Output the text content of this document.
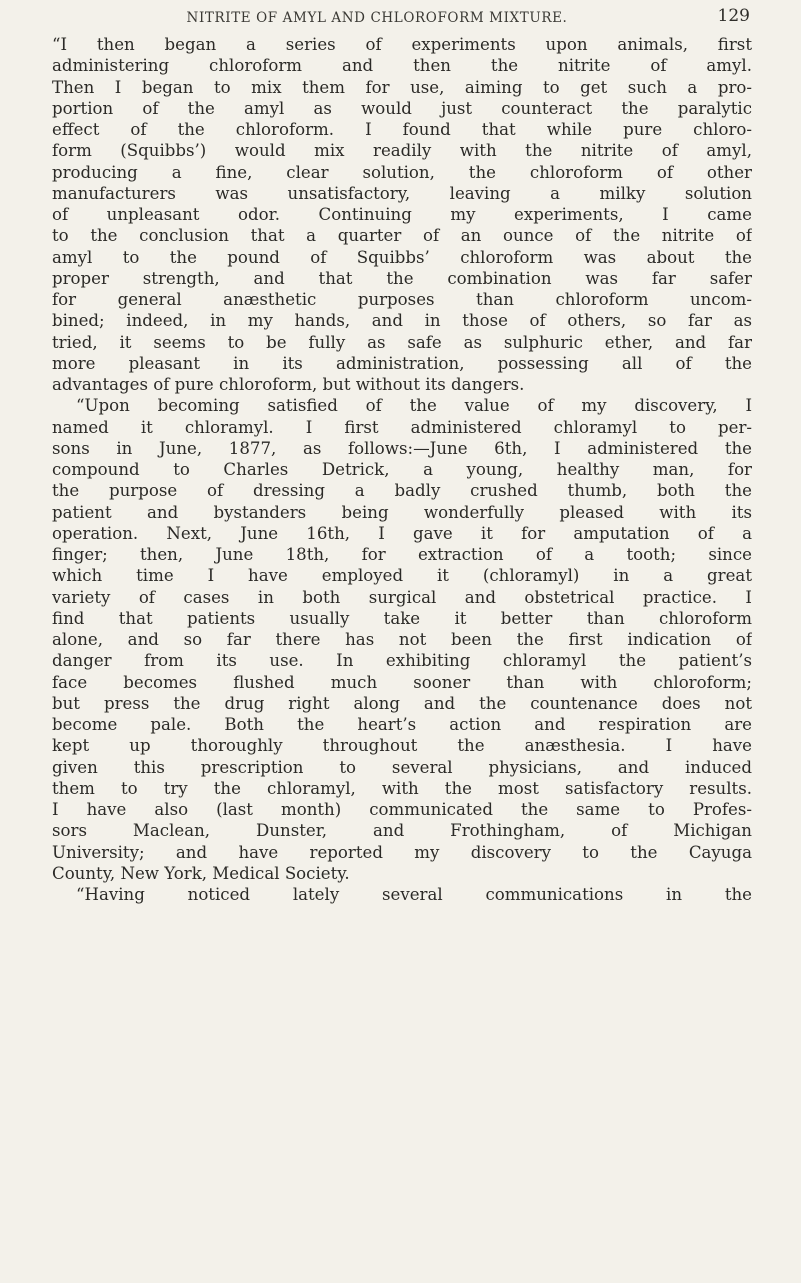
NITRITE OF AMYL AND CHLOROFORM MIXTURE.	129
“I then began a series of experiments upon animals, first
administering chloroform and then the nitrite of amyl.
Then I began to mix them for use, aiming to get such a pro-
portion of the amyl as would just counteract the paralytic
effect of the chloroform. I found that while pure chloro-
form (Squibbs’) would mix readily with the nitrite of amyl,
producing a fine, clear solution, the chloroform of other
manufacturers was unsatisfactory, leaving a milky solution
of unpleasant odor. Continuing my experiments, I came
to the conclusion that a quarter of an ounce of the nitrite of
amyl to the pound of Squibbs’ chloroform was about the
proper strength, and that the combination was far safer
for general anæsthetic purposes than chloroform uncom-
bined; indeed, in my hands, and in those of others, so far as
tried, it seems to be fully as safe as sulphuric ether, and far
more pleasant in its administration, possessing all of the
advantages of pure chloroform, but without its dangers.
“Upon becoming satisfied of the value of my discovery, I
named it chloramyl. I first administered chloramyl to per-
sons in June, 1877, as follows:—June 6th, I administered the
compound to Charles Detrick, a young, healthy man, for
the purpose of dressing a badly crushed thumb, both the
patient and bystanders being wonderfully pleased with its
operation. Next, June 16th, I gave it for amputation of a
finger; then, June 18th, for extraction of a tooth; since
which time I have employed it (chloramyl) in a great
variety of cases in both surgical and obstetrical practice. I
find that patients usually take it better than chloroform
alone, and so far there has not been the first indication of
danger from its use. In exhibiting chloramyl the patient’s
face becomes flushed much sooner than with chloroform;
but press the drug right along and the countenance does not
become pale. Both the heart’s action and respiration are
kept up thoroughly throughout the anæsthesia. I have
given this prescription to several physicians, and induced
them to try the chloramyl, with the most satisfactory results.
I have also (last month) communicated the same to Profes-
sors Maclean, Dunster, and Frothingham, of Michigan
University; and have reported my discovery to the Cayuga
County, New York, Medical Society.
“Having noticed lately several communications in the
